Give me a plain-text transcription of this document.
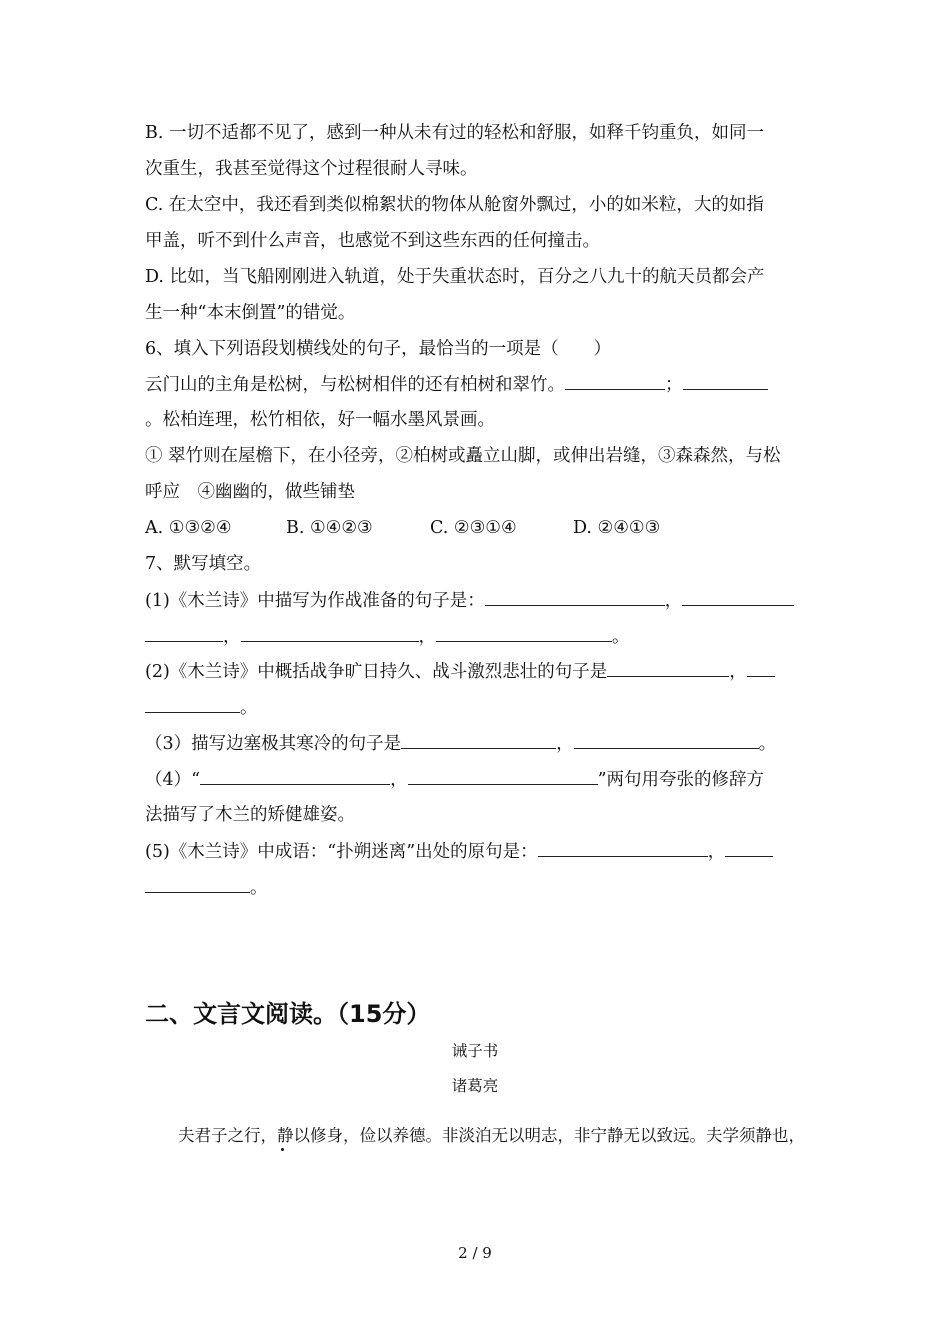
B. 一切不适都不见了，感到一种从未有过的轻松和舒服，如释千钧重负，如同一
次重生，我甚至觉得这个过程很耐人寻味。
C. 在太空中，我还看到类似棉絮状的物体从舱窗外飘过，小的如米粒，大的如指
甲盖，听不到什么声音，也感觉不到这些东西的任何撞击。
D. 比如，当飞船刚刚进入轨道，处于失重状态时，百分之八九十的航天员都会产
生一种“本末倒置”的错觉。
6、填入下列语段划横线处的句子，最恰当的一项是（　　）
云门山的主角是松树，与松树相伴的还有柏树和翠竹。	；
。松柏连理，松竹相依，好一幅水墨风景画。
① 翠竹则在屋檐下，在小径旁，②柏树或矗立山脚，或伸出岩缝，③森森然，与松
呼应　④幽幽的，做些铺垫
A. ①③②④	B. ①④②③	C. ②③①④	D. ②④①③
7、默写填空。
(1)《木兰诗》中描写为作战准备的句子是：	，
，	，	。
(2)《木兰诗》中概括战争旷日持久、战斗激烈悲壮的句子是	，
。
（3）描写边塞极其寒冷的句子是	，	。
（4）“	，	”两句用夸张的修辞方
法描写了木兰的矫健雄姿。
(5)《木兰诗》中成语：“扑朔迷离”出处的原句是：	，
。
二、文言文阅读。（15分）
诫子书
诸葛亮
夫君子之行，静以修身，俭以养德。非淡泊无以明志，非宁静无以致远。夫学须静也，
2 / 9
